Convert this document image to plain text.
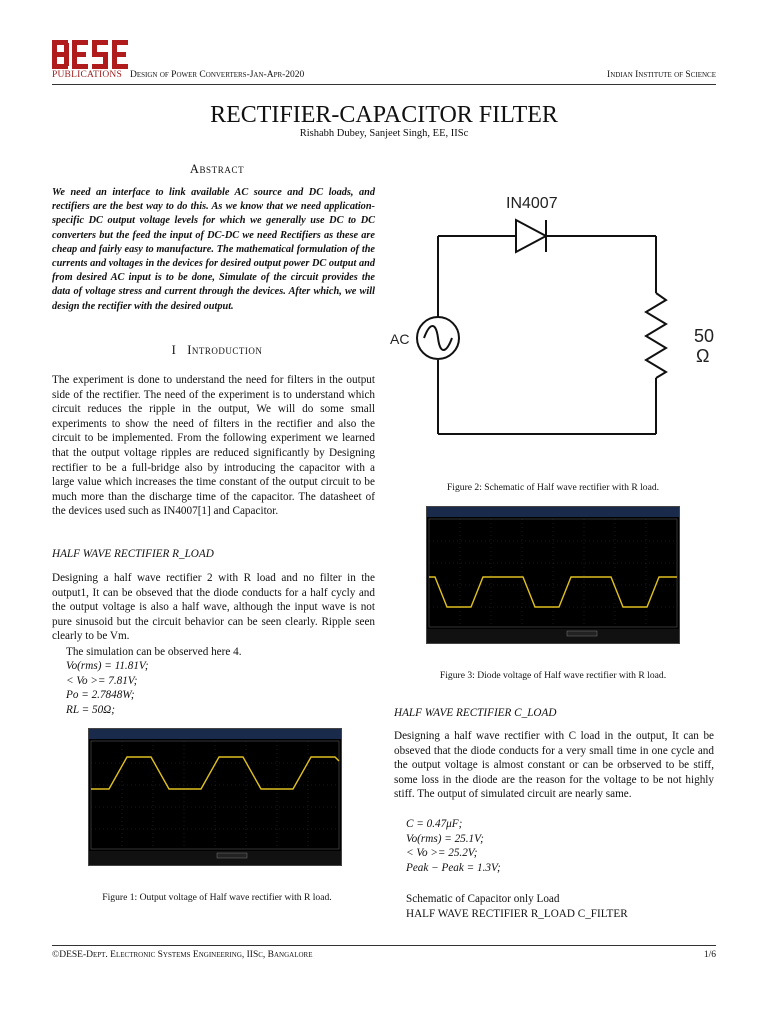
PUBLICATIONS Design of Power Converters-Jan-Apr-2020	Indian Institute of Science
RECTIFIER-CAPACITOR FILTER
Rishabh Dubey, Sanjeet Singh, EE, IISc
Abstract
We need an interface to link available AC source and DC loads, and rectifiers are the best way to do this. As we know that we need application-specific DC output voltage levels for which we generally use DC to DC converters but the feed the input of DC-DC we need Rectifiers as these are cheap and fairly easy to manufacture. The mathematical formulation of the currents and voltages in the devices for desired output power DC output and from desired AC input is to be done, Simulate of the circuit provides the data of voltage stress and current through the devices. After which, we will design the rectifier with the desired output.
I Introduction
The experiment is done to understand the need for filters in the output side of the rectifier. The need of the experiment is to understand which circuit reduces the ripple in the output, We will do some small experiments to show the need of filters in the rectifier and also the circuit to be implemented. From the following experiment we learned that the output voltage ripples are reduced significantly by Designing rectifier to be a full-bridge also by introducing the capacitor with a large value which increases the time constant of the output circuit to be much more than the discharge time of the capacitor. The datasheet of the devices used such as IN4007[1] and Capacitor.
HALF WAVE RECTIFIER R_LOAD
Designing a half wave rectifier 2 with R load and no filter in the output1, It can be obseved that the diode conducts for a half cycly and the output voltage is also a half wave, although the input wave is not pure sinusoid but the circuit behavior can be seen clearly. Ripple seen clearly to be Vm.
The simulation can be observed here 4.
Vo(rms) = 11.81V;
< Vo >= 7.81V;
Po = 2.7848W;
RL = 50Ω;
Figure 1: Output voltage of Half wave rectifier with R load.
IN4007
AC	50
Ω
Figure 2: Schematic of Half wave rectifier with R load.
Figure 3: Diode voltage of Half wave rectifier with R load.
HALF WAVE RECTIFIER C_LOAD
Designing a half wave rectifier with C load in the output, It can be obseved that the diode conducts for a very small time in one cycle and the output voltage is almost constant or can be orbserved to be stiff, some loss in the diode are the reason for the voltage to be not highly stiff. The output of simulated circuit are nearly same.
C = 0.47μF;
Vo(rms) = 25.1V;
< Vo >= 25.2V;
Peak − Peak = 1.3V;
Schematic of Capacitor only Load
HALF WAVE RECTIFIER R_LOAD C_FILTER
©DESE-Dept. Electronic Systems Engineering, IISc, Bangalore	1/6
